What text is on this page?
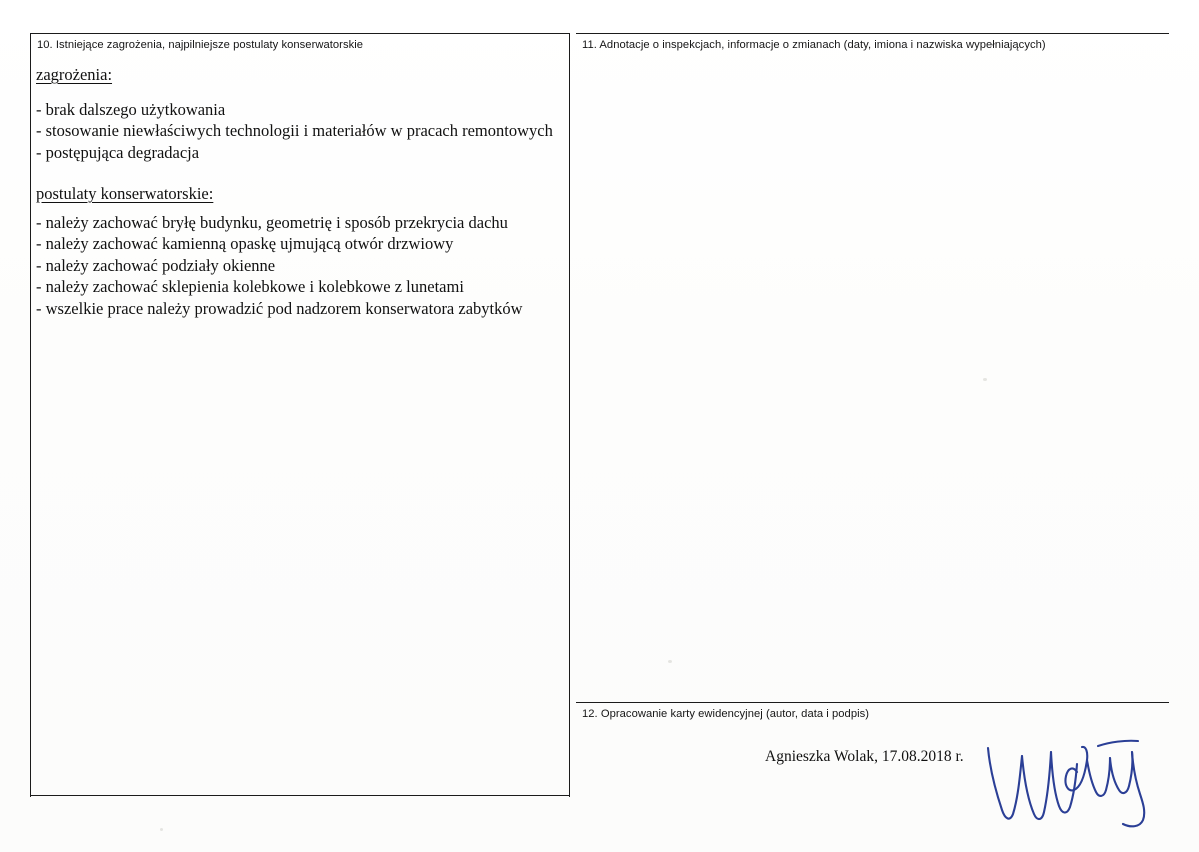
10. Istniejące zagrożenia, najpilniejsze postulaty konserwatorskie	11. Adnotacje o inspekcjach, informacje o zmianach (daty, imiona i nazwiska wypełniających)
12. Opracowanie karty ewidencyjnej (autor, data i podpis)
zagrożenia:
- brak dalszego użytkowania
- stosowanie niewłaściwych technologii i materiałów w pracach remontowych
- postępująca degradacja
postulaty konserwatorskie:
- należy zachować bryłę budynku, geometrię i sposób przekrycia dachu
- należy zachować kamienną opaskę ujmującą otwór drzwiowy
- należy zachować podziały okienne
- należy zachować sklepienia kolebkowe i kolebkowe z lunetami
- wszelkie prace należy prowadzić pod nadzorem konserwatora zabytków
Agnieszka Wolak, 17.08.2018 r.
